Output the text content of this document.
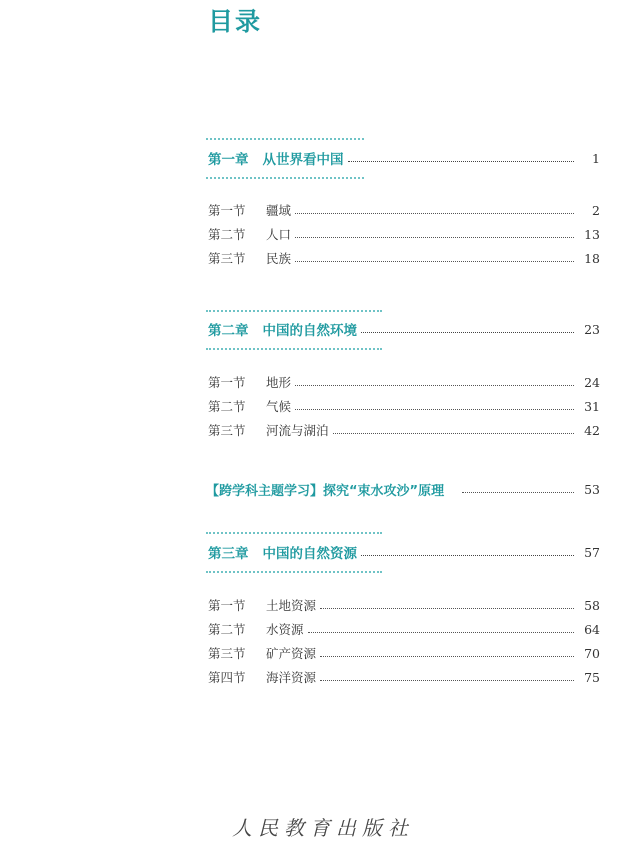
目录
第一章 从世界看中国	1
第一节	疆域	2
第二节	人口	13
第三节	民族	18
第二章 中国的自然环境	23
第一节	地形	24
第二节	气候	31
第三节	河流与湖泊	42
【跨学科主题学习】探究“束水攻沙”原理	53
第三章 中国的自然资源	57
第一节	土地资源	58
第二节	水资源	64
第三节	矿产资源	70
第四节	海洋资源	75
人民教育出版社
